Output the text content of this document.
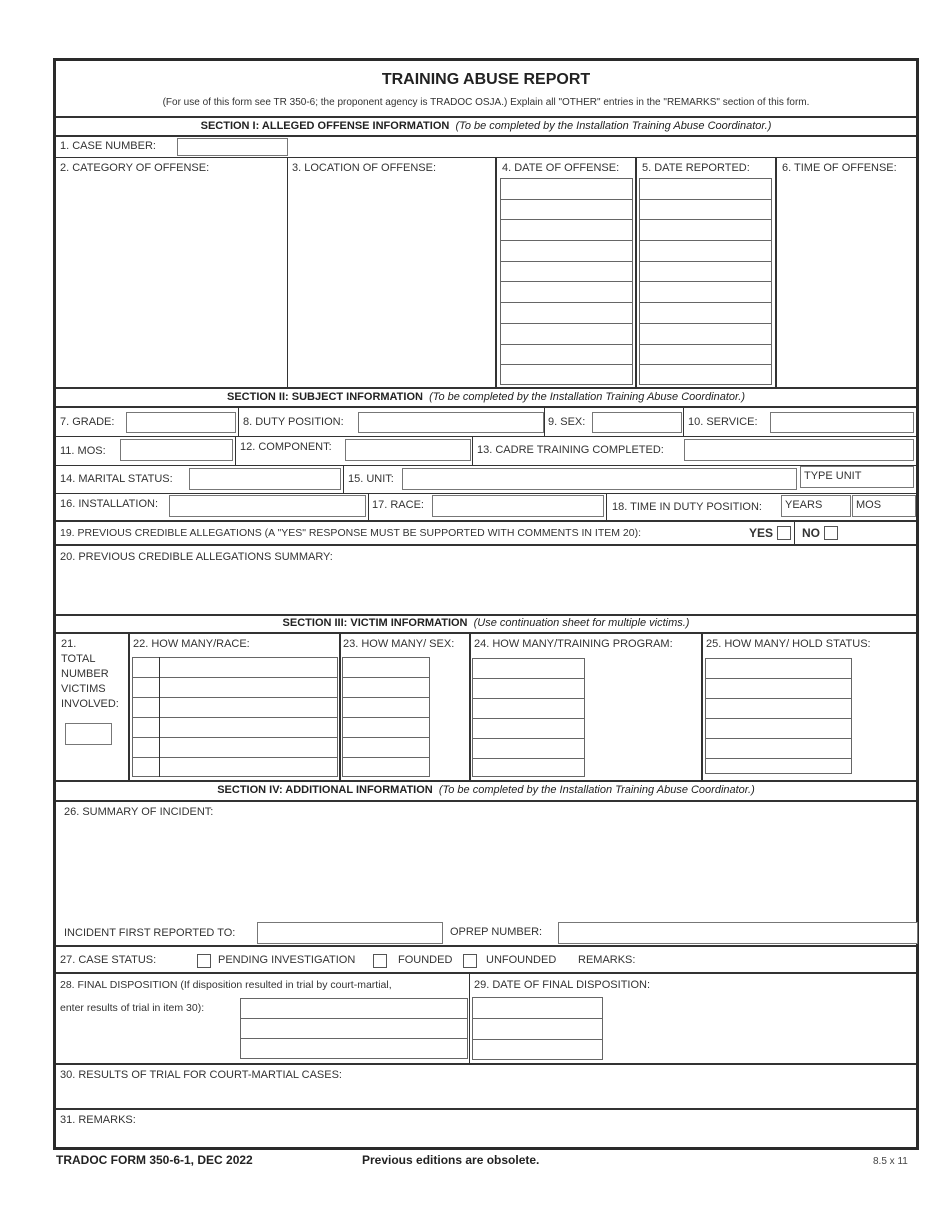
TRAINING ABUSE REPORT
(For use of this form see TR 350-6; the proponent agency is TRADOC OSJA.) Explain all "OTHER" entries in the "REMARKS" section of this form.
SECTION I: ALLEGED OFFENSE INFORMATION (To be completed by the Installation Training Abuse Coordinator.)
1. CASE NUMBER:
2. CATEGORY OF OFFENSE:	3. LOCATION OF OFFENSE:	4. DATE OF OFFENSE: 5. DATE REPORTED:	6. TIME OF OFFENSE:
SECTION II: SUBJECT INFORMATION (To be completed by the Installation Training Abuse Coordinator.)
7. GRADE:	8. DUTY POSITION:	9. SEX:	10. SERVICE:
11. MOS:	12. COMPONENT:	13. CADRE TRAINING COMPLETED:
14. MARITAL STATUS:	15. UNIT:	TYPE UNIT
16. INSTALLATION:	17. RACE:	18. TIME IN DUTY POSITION: YEARS	MOS
19. PREVIOUS CREDIBLE ALLEGATIONS (A "YES" RESPONSE MUST BE SUPPORTED WITH COMMENTS IN ITEM 20):	YES NO
20. PREVIOUS CREDIBLE ALLEGATIONS SUMMARY:
SECTION III: VICTIM INFORMATION (Use continuation sheet for multiple victims.)
21.
TOTAL
NUMBER
VICTIMS
INVOLVED:
22. HOW MANY/RACE:	23. HOW MANY/ SEX: 24. HOW MANY/TRAINING PROGRAM:	25. HOW MANY/ HOLD STATUS:
SECTION IV: ADDITIONAL INFORMATION (To be completed by the Installation Training Abuse Coordinator.)
26. SUMMARY OF INCIDENT:
INCIDENT FIRST REPORTED TO:	OPREP NUMBER:
27. CASE STATUS:	PENDING INVESTIGATION	FOUNDED	UNFOUNDED REMARKS:
28. FINAL DISPOSITION (If disposition resulted in trial by court-martial,
enter results of trial in item 30):
29. DATE OF FINAL DISPOSITION:
30. RESULTS OF TRIAL FOR COURT-MARTIAL CASES:
31. REMARKS:
TRADOC FORM 350-6-1, DEC 2022	Previous editions are obsolete.	8.5 x 11
